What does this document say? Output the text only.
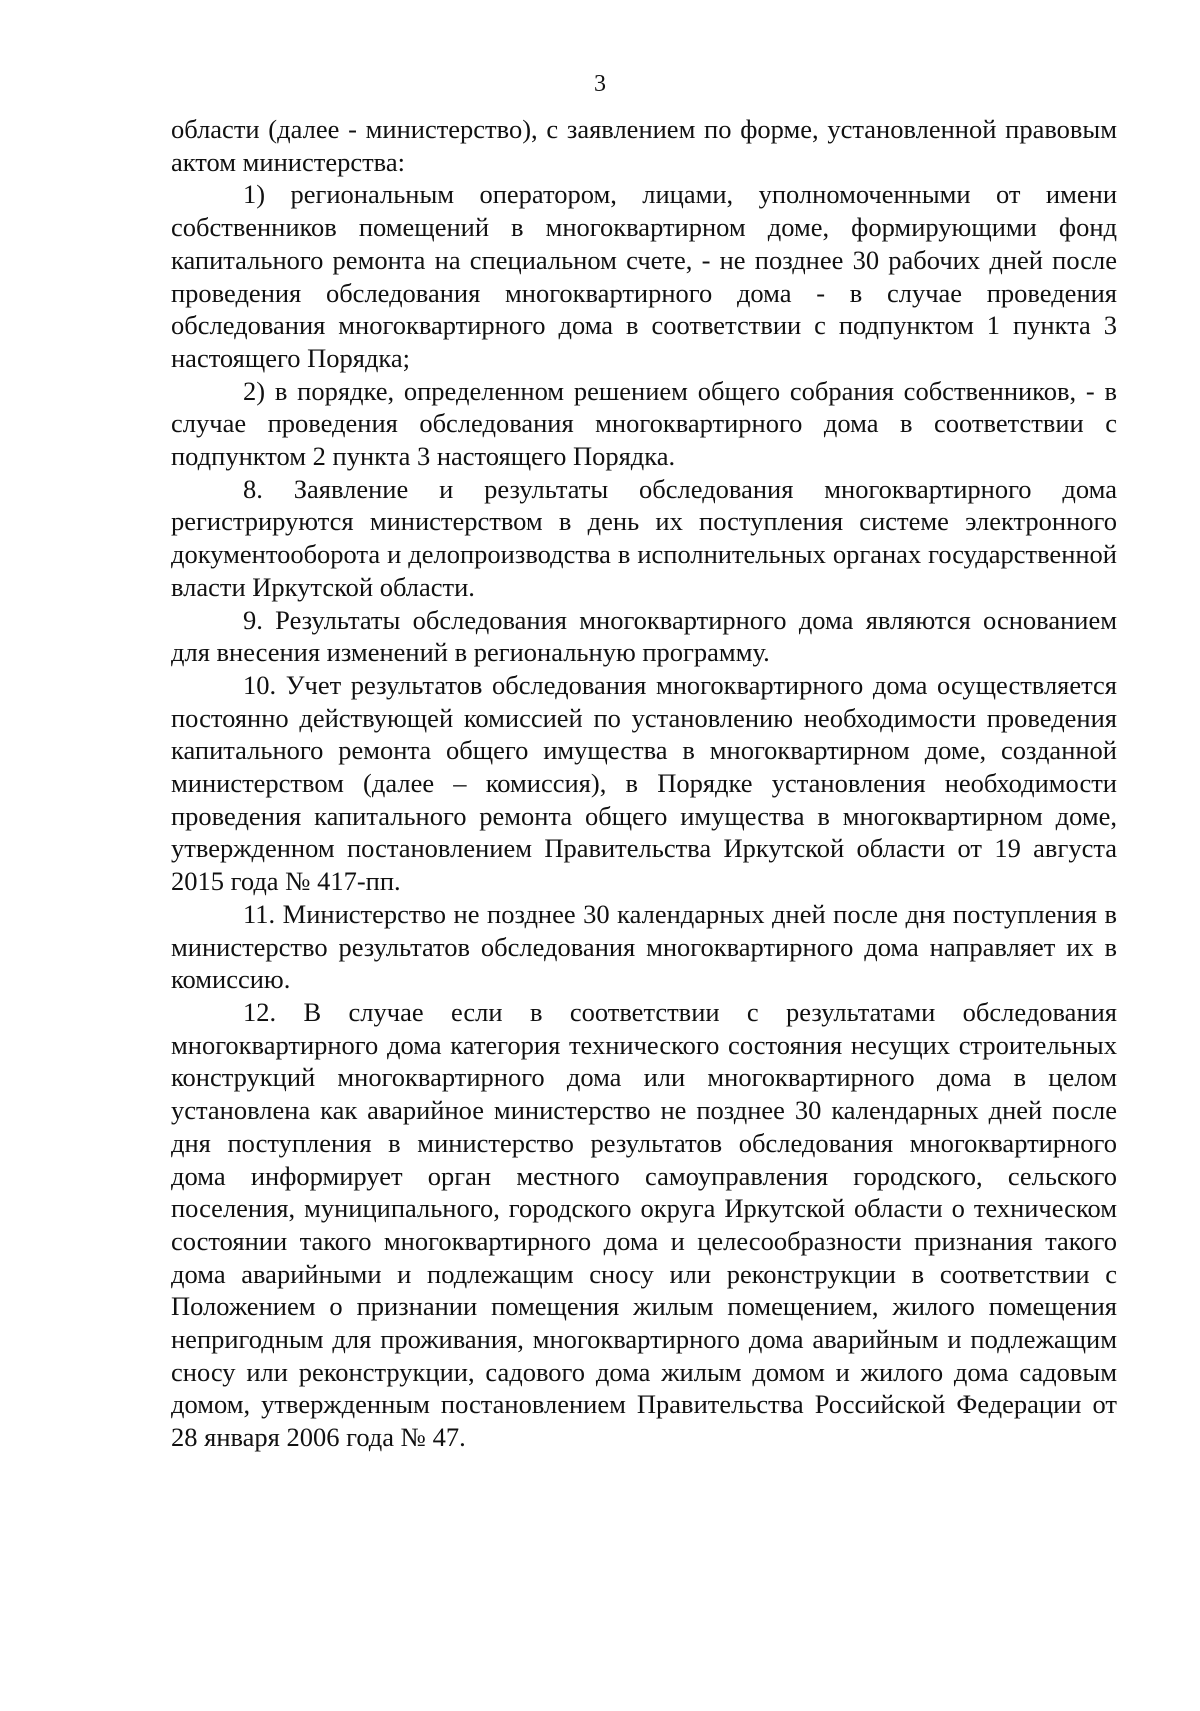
3

области (далее - министерство), с заявлением по форме, установленной правовым актом министерства:

1) региональным оператором, лицами, уполномоченными от имени собственников помещений в многоквартирном доме, формирующими фонд капитального ремонта на специальном счете, - не позднее 30 рабочих дней после проведения обследования многоквартирного дома - в случае проведения обследования многоквартирного дома в соответствии с подпунктом 1 пункта 3 настоящего Порядка;

2) в порядке, определенном решением общего собрания собственников, - в случае проведения обследования многоквартирного дома в соответствии с подпунктом 2 пункта 3 настоящего Порядка.

8. Заявление и результаты обследования многоквартирного дома регистрируются министерством в день их поступления системе электронного документооборота и делопроизводства в исполнительных органах государственной власти Иркутской области.

9. Результаты обследования многоквартирного дома являются основанием для внесения изменений в региональную программу.

10. Учет результатов обследования многоквартирного дома осуществляется постоянно действующей комиссией по установлению необходимости проведения капитального ремонта общего имущества в многоквартирном доме, созданной министерством (далее – комиссия), в Порядке установления необходимости проведения капитального ремонта общего имущества в многоквартирном доме, утвержденном постановлением Правительства Иркутской области от 19 августа 2015 года № 417-пп.

11. Министерство не позднее 30 календарных дней после дня поступления в министерство результатов обследования многоквартирного дома направляет их в комиссию.

12. В случае если в соответствии с результатами обследования многоквартирного дома категория технического состояния несущих строительных конструкций многоквартирного дома или многоквартирного дома в целом установлена как аварийное министерство не позднее 30 календарных дней после дня поступления в министерство результатов обследования многоквартирного дома информирует орган местного самоуправления городского, сельского поселения, муниципального, городского округа Иркутской области о техническом состоянии такого многоквартирного дома и целесообразности признания такого дома аварийными и подлежащим сносу или реконструкции в соответствии с Положением о признании помещения жилым помещением, жилого помещения непригодным для проживания, многоквартирного дома аварийным и подлежащим сносу или реконструкции, садового дома жилым домом и жилого дома садовым домом, утвержденным постановлением Правительства Российской Федерации от 28 января 2006 года № 47.
